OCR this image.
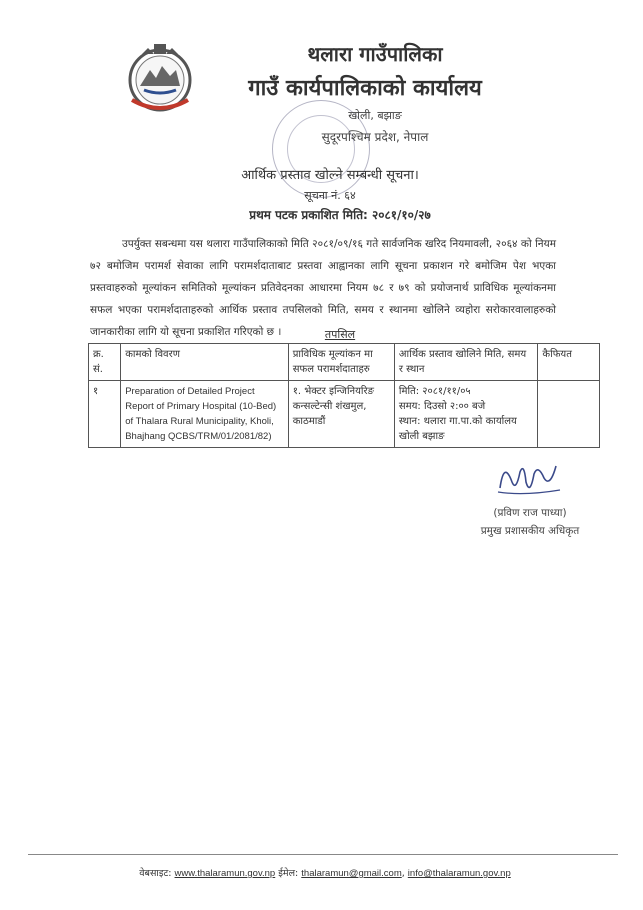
थलारा गाउँपालिका
गाउँ कार्यपालिकाको कार्यालय
खोली, बझाङ
सुदूरपश्चिम प्रदेश, नेपाल
आर्थिक प्रस्ताव खोल्ने सम्बन्धी सूचना।
सूचना नं. ६४
प्रथम पटक प्रकाशित मिति: २०८१/१०/२७

उपर्युक्त सबन्धमा यस थलारा गाउँपालिकाको मिति २०८१/०९/१६ गते सार्वजनिक खरिद नियमावली, २०६४ को नियम ७२ बमोजिम परामर्श सेवाका लागि परामर्शदाताबाट प्रस्तवा आह्वानका लागि सूचना प्रकाशन गरे बमोजिम पेश भएका प्रस्तवाहरुको मूल्यांकन समितिको मूल्यांकन प्रतिवेदनका आधारमा नियम ७८ र ७९ को प्रयोजनार्थ प्राविधिक मूल्यांकनमा सफल भएका परामर्शदाताहरुको आर्थिक प्रस्ताव तपसिलको मिति, समय र स्थानमा खोलिने व्यहोरा सरोकारवालाहरुको जानकारीका लागि यो सूचना प्रकाशित गरिएको छ ।	तपसिल
क्र. सं.	कामको विवरण	प्राविधिक मूल्यांकन मा सफल परामर्शदाताहरु	आर्थिक प्रस्ताव खोलिने मिति, समय र स्थान	कैफियत
१	Preparation of Detailed Project Report of Primary Hospital (10-Bed) of Thalara Rural Municipality, Kholi, Bhajhang QCBS/TRM/01/2081/82)	१. भेक्टर इन्जिनियरिङ कन्सल्टेन्सी शंखमुल, काठमाडौं	मिति: २०८१/११/०५
समय: दिउसो २:०० बजे
स्थान: थलारा गा.पा.को कार्यालय खोली बझाङ	

(प्रविण राज पाध्या)
प्रमुख प्रशासकीय अधिकृत
वेबसाइट: www.thalaramun.gov.np ईमेल: thalaramun@gmail.com, info@thalaramun.gov.np
